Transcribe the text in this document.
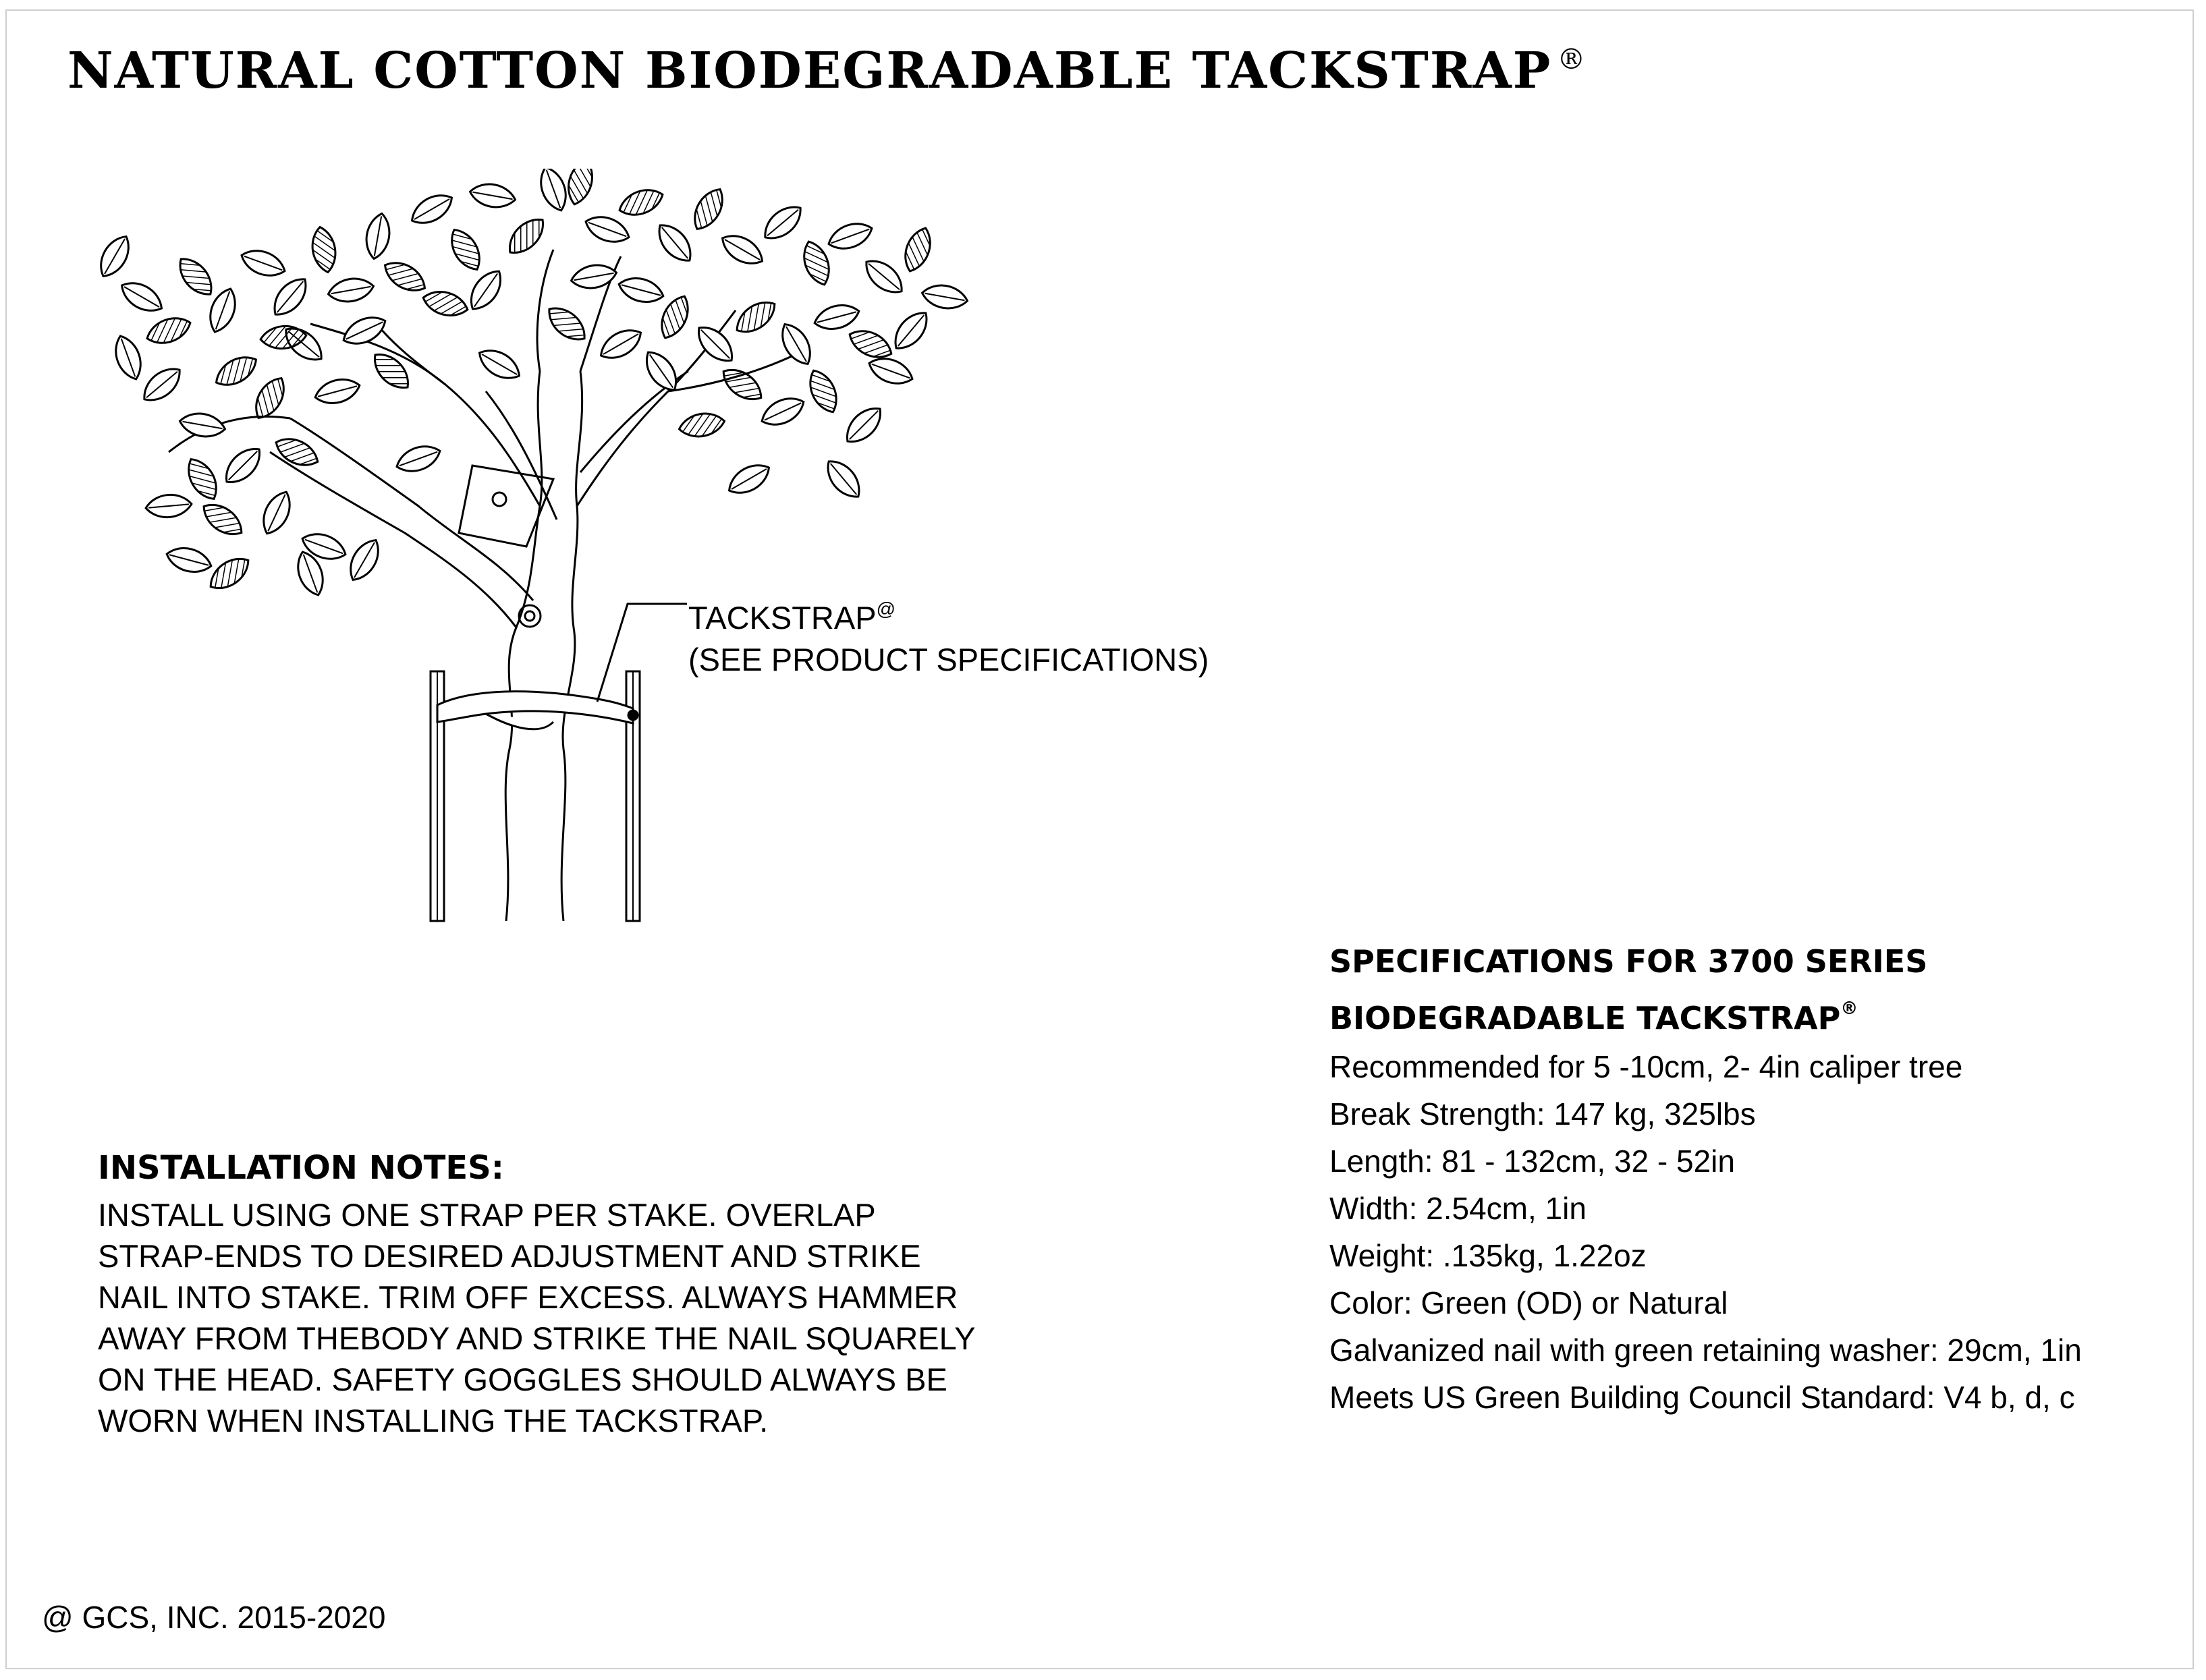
NATURAL COTTON BIODEGRADABLE TACKSTRAP ®
TACKSTRAP@
(SEE PRODUCT SPECIFICATIONS)
INSTALLATION NOTES:

INSTALL USING ONE STRAP PER STAKE. OVERLAP

STRAP-ENDS TO DESIRED ADJUSTMENT AND STRIKE

NAIL INTO STAKE. TRIM OFF EXCESS. ALWAYS HAMMER

AWAY FROM THEBODY AND STRIKE THE NAIL SQUARELY

ON THE HEAD. SAFETY GOGGLES SHOULD ALWAYS BE

WORN WHEN INSTALLING THE TACKSTRAP.

SPECIFICATIONS FOR 3700 SERIES
BIODEGRADABLE TACKSTRAP®
Recommended for 5 -10cm, 2- 4in caliper tree
Break Strength: 147 kg, 325lbs
Length: 81 - 132cm, 32 - 52in
Width: 2.54cm, 1in
Weight: .135kg, 1.22oz
Color: Green (OD) or Natural
Galvanized nail with green retaining washer: 29cm, 1in
Meets US Green Building Council Standard: V4 b, d, c
@ GCS, INC. 2015-2020
